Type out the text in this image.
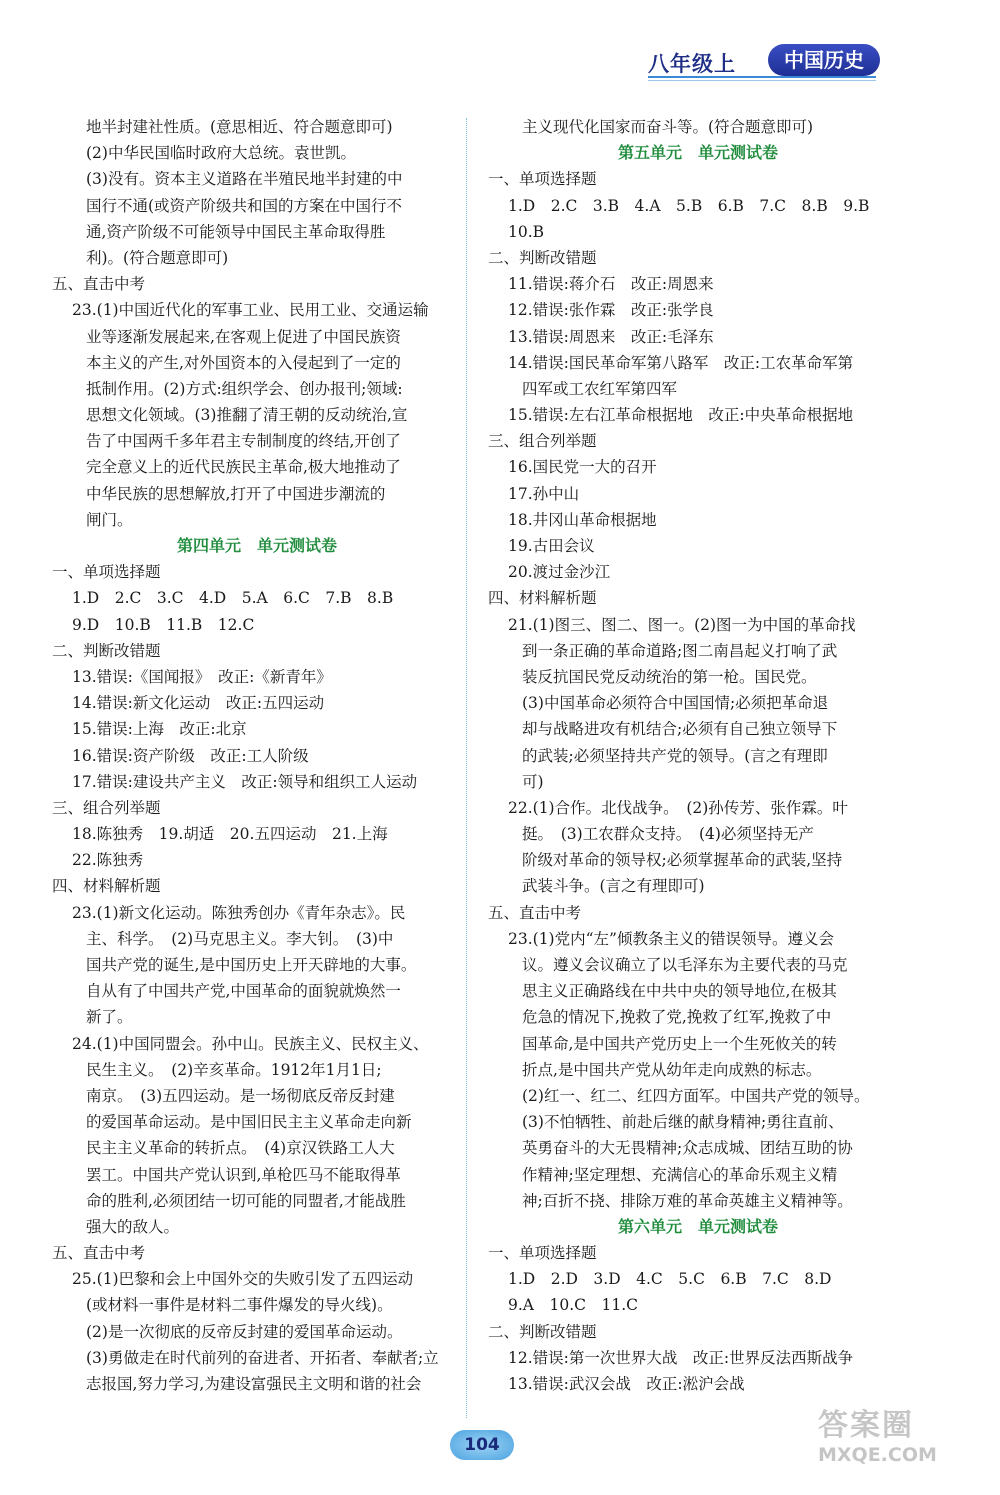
八年级上	中国历史
地半封建社性质。(意思相近、符合题意即可)
(2)中华民国临时政府大总统。袁世凯。
(3)没有。资本主义道路在半殖民地半封建的中
国行不通(或资产阶级共和国的方案在中国行不
通,资产阶级不可能领导中国民主革命取得胜
利)。(符合题意即可)
五、直击中考
23.(1)中国近代化的军事工业、民用工业、交通运输
业等逐渐发展起来,在客观上促进了中国民族资
本主义的产生,对外国资本的入侵起到了一定的
抵制作用。(2)方式:组织学会、创办报刊;领域:
思想文化领域。(3)推翻了清王朝的反动统治,宣
告了中国两千多年君主专制制度的终结,开创了
完全意义上的近代民族民主革命,极大地推动了
中华民族的思想解放,打开了中国进步潮流的
闸门。
第四单元　单元测试卷
一、单项选择题
1.D　2.C　3.C　4.D　5.A　6.C　7.B　8.B
9.D　10.B　11.B　12.C
二、判断改错题
13.错误:《国闻报》　改正:《新青年》
14.错误:新文化运动　改正:五四运动
15.错误:上海　改正:北京
16.错误:资产阶级　改正:工人阶级
17.错误:建设共产主义　改正:领导和组织工人运动
三、组合列举题
18.陈独秀　19.胡适　20.五四运动　21.上海
22.陈独秀
四、材料解析题
23.(1)新文化运动。陈独秀创办《青年杂志》。民
主、科学。　(2)马克思主义。李大钊。　(3)中
国共产党的诞生,是中国历史上开天辟地的大事。
自从有了中国共产党,中国革命的面貌就焕然一
新了。
24.(1)中国同盟会。孙中山。民族主义、民权主义、
民生主义。　(2)辛亥革命。1912年1月1日;
南京。　(3)五四运动。是一场彻底反帝反封建
的爱国革命运动。是中国旧民主主义革命走向新
民主主义革命的转折点。　(4)京汉铁路工人大
罢工。中国共产党认识到,单枪匹马不能取得革
命的胜利,必须团结一切可能的同盟者,才能战胜
强大的敌人。
五、直击中考
25.(1)巴黎和会上中国外交的失败引发了五四运动
(或材料一事件是材料二事件爆发的导火线)。
(2)是一次彻底的反帝反封建的爱国革命运动。
(3)勇做走在时代前列的奋进者、开拓者、奉献者;立
志报国,努力学习,为建设富强民主文明和谐的社会
主义现代化国家而奋斗等。(符合题意即可)
第五单元　单元测试卷
一、单项选择题
1.D　2.C　3.B　4.A　5.B　6.B　7.C　8.B　9.B
10.B
二、判断改错题
11.错误:蒋介石　改正:周恩来
12.错误:张作霖　改正:张学良
13.错误:周恩来　改正:毛泽东
14.错误:国民革命军第八路军　改正:工农革命军第
四军或工农红军第四军
15.错误:左右江革命根据地　改正:中央革命根据地
三、组合列举题
16.国民党一大的召开
17.孙中山
18.井冈山革命根据地
19.古田会议
20.渡过金沙江
四、材料解析题
21.(1)图三、图二、图一。(2)图一为中国的革命找
到一条正确的革命道路;图二南昌起义打响了武
装反抗国民党反动统治的第一枪。国民党。
(3)中国革命必须符合中国国情;必须把革命退
却与战略进攻有机结合;必须有自己独立领导下
的武装;必须坚持共产党的领导。(言之有理即
可)
22.(1)合作。北伐战争。　(2)孙传芳、张作霖。叶
挺。　(3)工农群众支持。　(4)必须坚持无产
阶级对革命的领导权;必须掌握革命的武装,坚持
武装斗争。(言之有理即可)
五、直击中考
23.(1)党内“左”倾教条主义的错误领导。遵义会
议。遵义会议确立了以毛泽东为主要代表的马克
思主义正确路线在中共中央的领导地位,在极其
危急的情况下,挽救了党,挽救了红军,挽救了中
国革命,是中国共产党历史上一个生死攸关的转
折点,是中国共产党从幼年走向成熟的标志。
(2)红一、红二、红四方面军。中国共产党的领导。
(3)不怕牺牲、前赴后继的献身精神;勇往直前、
英勇奋斗的大无畏精神;众志成城、团结互助的协
作精神;坚定理想、充满信心的革命乐观主义精
神;百折不挠、排除万难的革命英雄主义精神等。
第六单元　单元测试卷
一、单项选择题
1.D　2.D　3.D　4.C　5.C　6.B　7.C　8.D
9.A　10.C　11.C
二、判断改错题
12.错误:第一次世界大战　改正:世界反法西斯战争
13.错误:武汉会战　改正:淞沪会战
104
答案圈
MXQE.COM
